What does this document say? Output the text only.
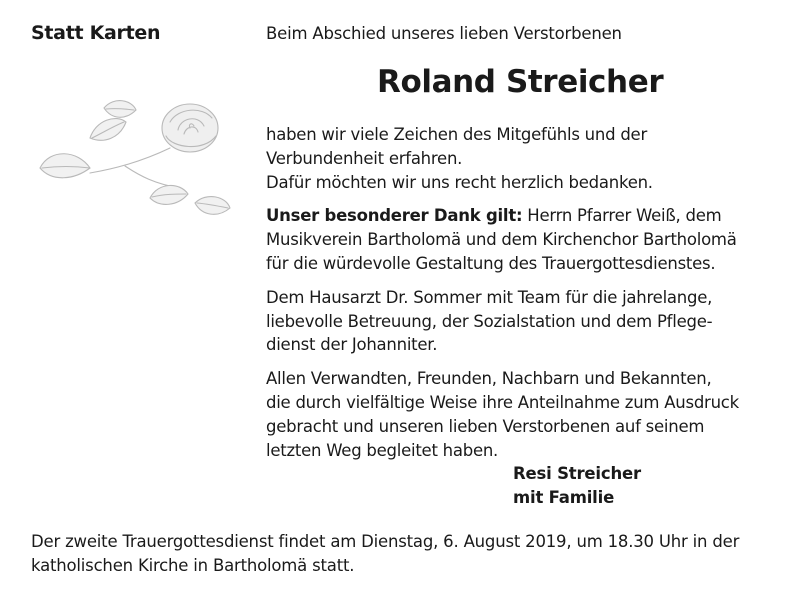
Statt Karten	Beim Abschied unseres lieben Verstorbenen
Roland Streicher

haben wir viele Zeichen des Mitgefühls und der
Verbundenheit erfahren.
Dafür möchten wir uns recht herzlich bedanken.

Unser besonderer Dank gilt: Herrn Pfarrer Weiß, dem
Musikverein Bartholomä und dem Kirchenchor Bartholomä
für die würdevolle Gestaltung des Trauergottesdienstes.

Dem Hausarzt Dr. Sommer mit Team für die jahrelange,
liebevolle Betreuung, der Sozialstation und dem Pflege-
dienst der Johanniter.

Allen Verwandten, Freunden, Nachbarn und Bekannten,
die durch vielfältige Weise ihre Anteilnahme zum Ausdruck
gebracht und unseren lieben Verstorbenen auf seinem
letzten Weg begleitet haben.

Resi Streicher
mit Familie
Der zweite Trauergottesdienst findet am Dienstag, 6. August 2019, um 18.30 Uhr in der
katholischen Kirche in Bartholomä statt.
